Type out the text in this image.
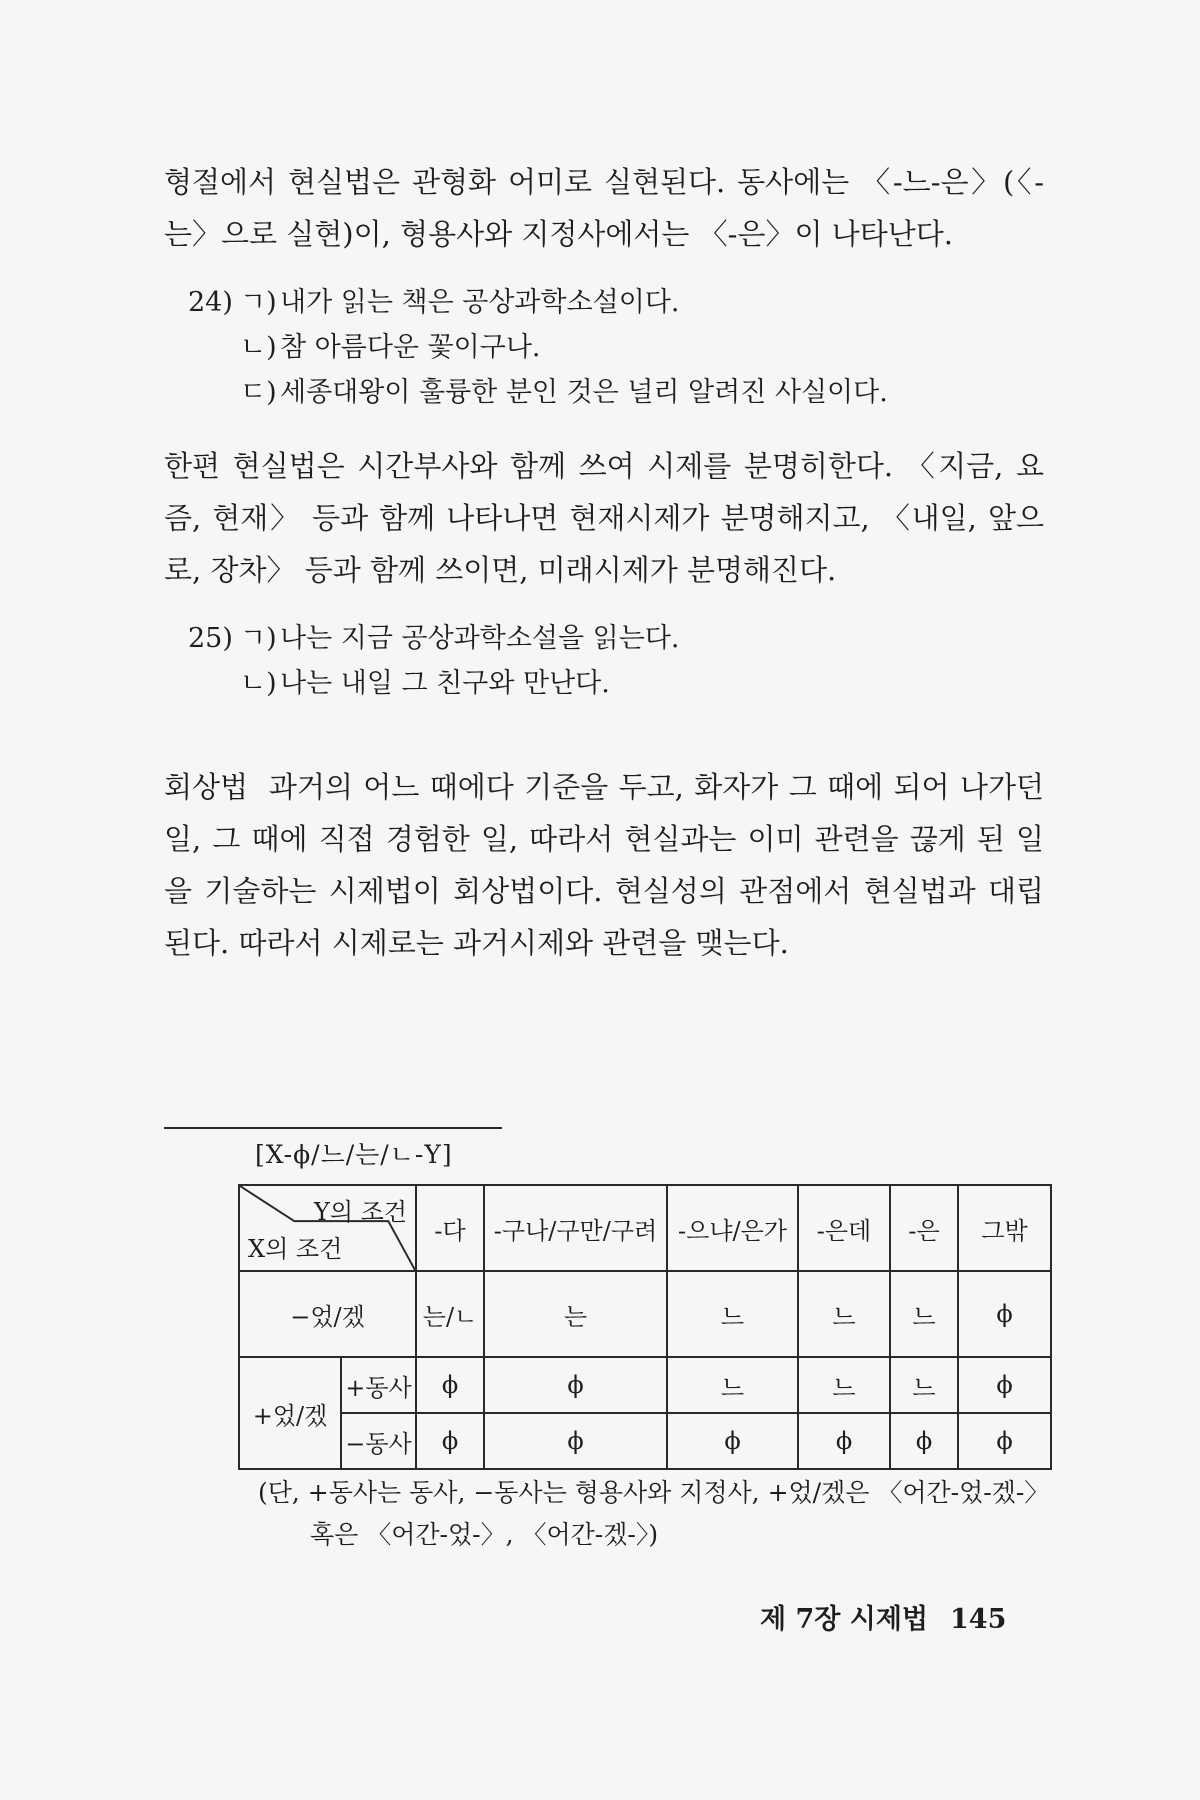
형절에서 현실법은 관형화 어미로 실현된다. 동사에는 〈-느-은〉(〈-는〉으로 실현)이, 형용사와 지정사에서는 〈-은〉이 나타난다.

24) ㄱ) 내가 읽는 책은 공상과학소설이다.
ㄴ) 참 아름다운 꽃이구나.
ㄷ) 세종대왕이 훌륭한 분인 것은 널리 알려진 사실이다.

한편 현실법은 시간부사와 함께 쓰여 시제를 분명히한다. 〈지금, 요즘, 현재〉 등과 함께 나타나면 현재시제가 분명해지고, 〈내일, 앞으로, 장차〉 등과 함께 쓰이면, 미래시제가 분명해진다.

25) ㄱ) 나는 지금 공상과학소설을 읽는다.
ㄴ) 나는 내일 그 친구와 만난다.

회상법 과거의 어느 때에다 기준을 두고, 화자가 그 때에 되어 나가던 일, 그 때에 직접 경험한 일, 따라서 현실과는 이미 관련을 끊게 된 일을 기술하는 시제법이 회상법이다. 현실성의 관점에서 현실법과 대립된다. 따라서 시제로는 과거시제와 관련을 맺는다.

[X-ϕ/느/는/ㄴ-Y]
Y의 조건
X의 조건		-다	-구나/구만/구려	-으냐/은가	-은데	-은	그밖
−었/겠		는/ㄴ	는	느	느	느	ϕ
+었/겠	+동사	ϕ	ϕ	느	느	느	ϕ
	−동사	ϕ	ϕ	ϕ	ϕ	ϕ	ϕ
(단, +동사는 동사, −동사는 형용사와 지정사, +었/겠은 〈어간-었-겠-〉
혹은 〈어간-었-〉, 〈어간-겠-〉)
제 7장 시제법 145
